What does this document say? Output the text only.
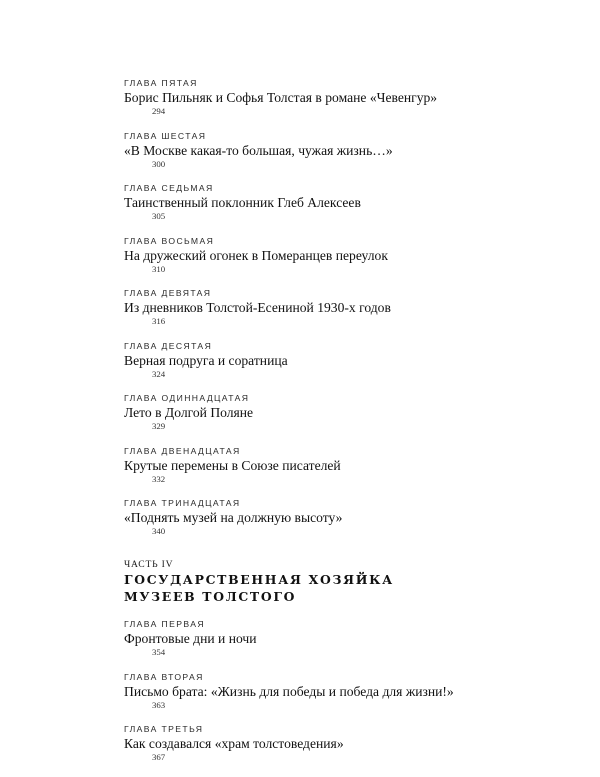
ГЛАВА ПЯТАЯ
Борис Пильняк и Софья Толстая в романе «Чевенгур»
294
ГЛАВА ШЕСТАЯ
«В Москве какая-то большая, чужая жизнь…»
300
ГЛАВА СЕДЬМАЯ
Таинственный поклонник Глеб Алексеев
305
ГЛАВА ВОСЬМАЯ
На дружеский огонек в Померанцев переулок
310
ГЛАВА ДЕВЯТАЯ
Из дневников Толстой-Есениной 1930-х годов
316
ГЛАВА ДЕСЯТАЯ
Верная подруга и соратница
324
ГЛАВА ОДИННАДЦАТАЯ
Лето в Долгой Поляне
329
ГЛАВА ДВЕНАДЦАТАЯ
Крутые перемены в Союзе писателей
332
ГЛАВА ТРИНАДЦАТАЯ
«Поднять музей на должную высоту»
340
ЧАСТЬ IV
ГОСУДАРСТВЕННАЯ ХОЗЯЙКА
МУЗЕЕВ ТОЛСТОГО
ГЛАВА ПЕРВАЯ
Фронтовые дни и ночи
354
ГЛАВА ВТОРАЯ
Письмо брата: «Жизнь для победы и победа для жизни!»
363
ГЛАВА ТРЕТЬЯ
Как создавался «храм толстоведения»
367
